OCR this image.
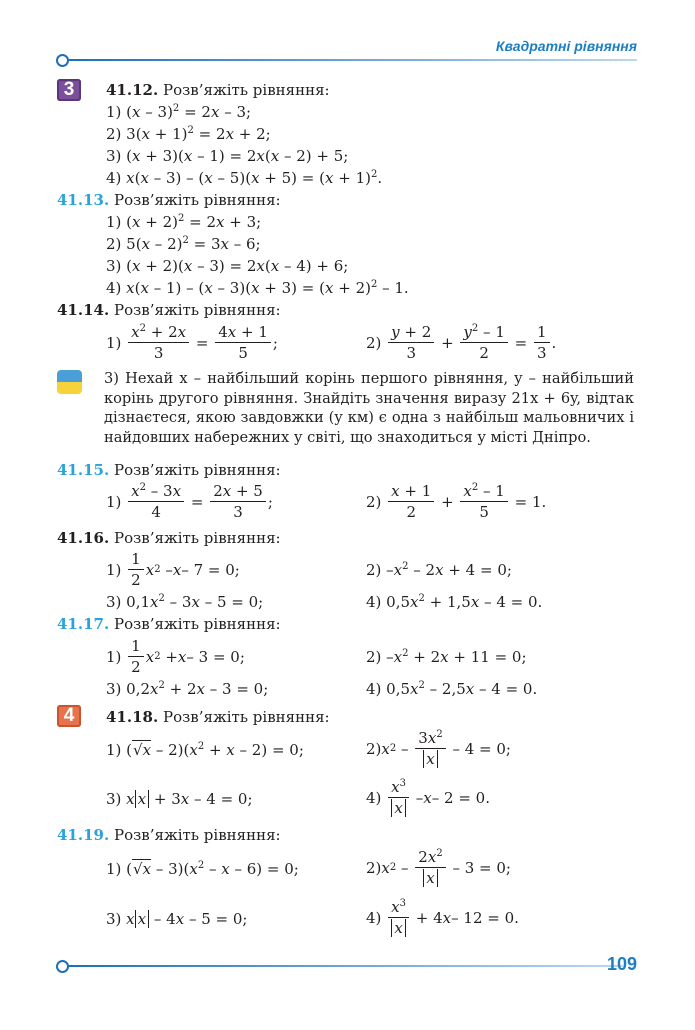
Квадратні рівняння
3	41.12. Розв’яжіть рівняння:
1) (x – 3)$^2$ = 2x – 3;
2) $3(x + 1)^2 = 2x + 2$;
3) (x + 3)(x – 1) = 2x(x – 2) + 5;
4) $x(x - 3) - (x - 5)(x + 5) = (x + 1)^2$.
41.13. Розв’яжіть рівняння:
1) $(x + 2)^2 = 2x + 3$;
2) 5(x – 2)$^2$ = 3x – 6;
3) (x + 2)(x – 3) = 2x(x – 4) + 6;
4) $x(x - 1) - (x - 3)(x + 3) = (x + 2)^2 - 1$.
41.14. Розв’яжіть рівняння:
$1) \frac{x^2 + 2x}{3} = \frac{4x + 1}{5}$ ;	$2) \frac{y + 2}{3} + \frac{y^2 - 1}{2} = \frac{1}{3}$ .
3) Нехай x – найбільший корінь першого рівняння, y – найбільший корінь другого рівняння. Знайдіть значення виразу 21x + 6y, відтак дізнаєтеся, якою завдовжки (у км) є одна з найбільш мальовничих і найдовших набережних у світі, що знаходиться у місті Дніпро.
41.15. Розв’яжіть рівняння:
$1) \frac{x^2 - 3x}{4} = \frac{2x + 5}{3}$ ;	$2) \frac{x + 1}{2} + \frac{x^2 - 1}{5} = 1$.
41.16. Розв’яжіть рівняння:
$1) \frac{1}{2}$ x 2 – x – 7 = 0;	2) $-x^2 - 2x + 4 = 0$;
3) $0,1x^2 - 3x - 5 = 0$;	4) $0,5x^2 + 1,5x - 4 = 0$.
41.17. Розв’яжіть рівняння:
$1) \frac{1}{2}$ x 2 + x – 3 = 0;	2) $-x^2 + 2x + 11 = 0$;
3) $0,2x^2 + 2x - 3 = 0$;	4) $0,5x^2 - 2,5x - 4 = 0$.
4	41.18. Розв’яжіть рівняння:
1) $(√x - 2)(x^2 + x - 2) = 0$;	2) x $2 - \frac{3x^2}{x} - 4 = 0$;
3) x x + 3x – 4 = 0;	$4) \frac{x^3}{x} - x - 2 = 0$.
41.19. Розв’яжіть рівняння:
1) $(√x - 3)(x^2 - x - 6) = 0$;	2) x $2 - \frac{2x^2}{x} - 3 = 0$;
3) x x – 4x – 5 = 0;	$4) \frac{x^3}{x} + 4$ x – 12 = 0.
109
